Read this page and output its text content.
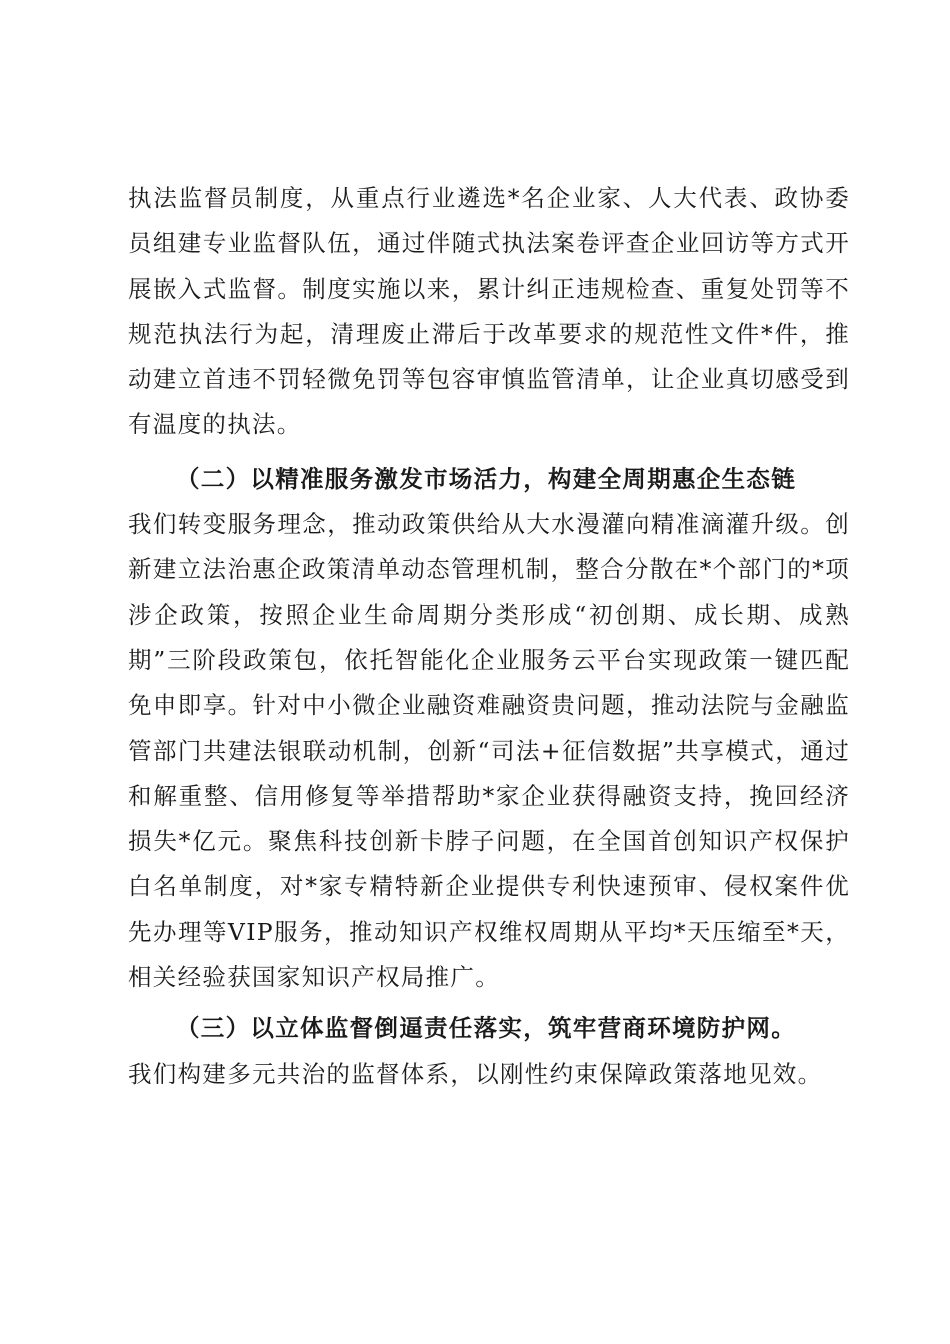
执法监督员制度，从重点行业遴选*名企业家、人大代表、政协委员组建专业监督队伍，通过伴随式执法案卷评查企业回访等方式开展嵌入式监督。制度实施以来，累计纠正违规检查、重复处罚等不规范执法行为起，清理废止滞后于改革要求的规范性文件*件，推动建立首违不罚轻微免罚等包容审慎监管清单，让企业真切感受到有温度的执法。

（二）以精准服务激发市场活力，构建全周期惠企生态链

我们转变服务理念，推动政策供给从大水漫灌向精准滴灌升级。创新建立法治惠企政策清单动态管理机制，整合分散在*个部门的*项涉企政策，按照企业生命周期分类形成“初创期、成长期、成熟期”三阶段政策包，依托智能化企业服务云平台实现政策一键匹配免申即享。针对中小微企业融资难融资贵问题，推动法院与金融监管部门共建法银联动机制，创新“司法+征信数据”共享模式，通过和解重整、信用修复等举措帮助*家企业获得融资支持，挽回经济损失*亿元。聚焦科技创新卡脖子问题，在全国首创知识产权保护白名单制度，对*家专精特新企业提供专利快速预审、侵权案件优先办理等VIP服务，推动知识产权维权周期从平均*天压缩至*天，相关经验获国家知识产权局推广。

（三）以立体监督倒逼责任落实，筑牢营商环境防护网。

我们构建多元共治的监督体系，以刚性约束保障政策落地见效。
